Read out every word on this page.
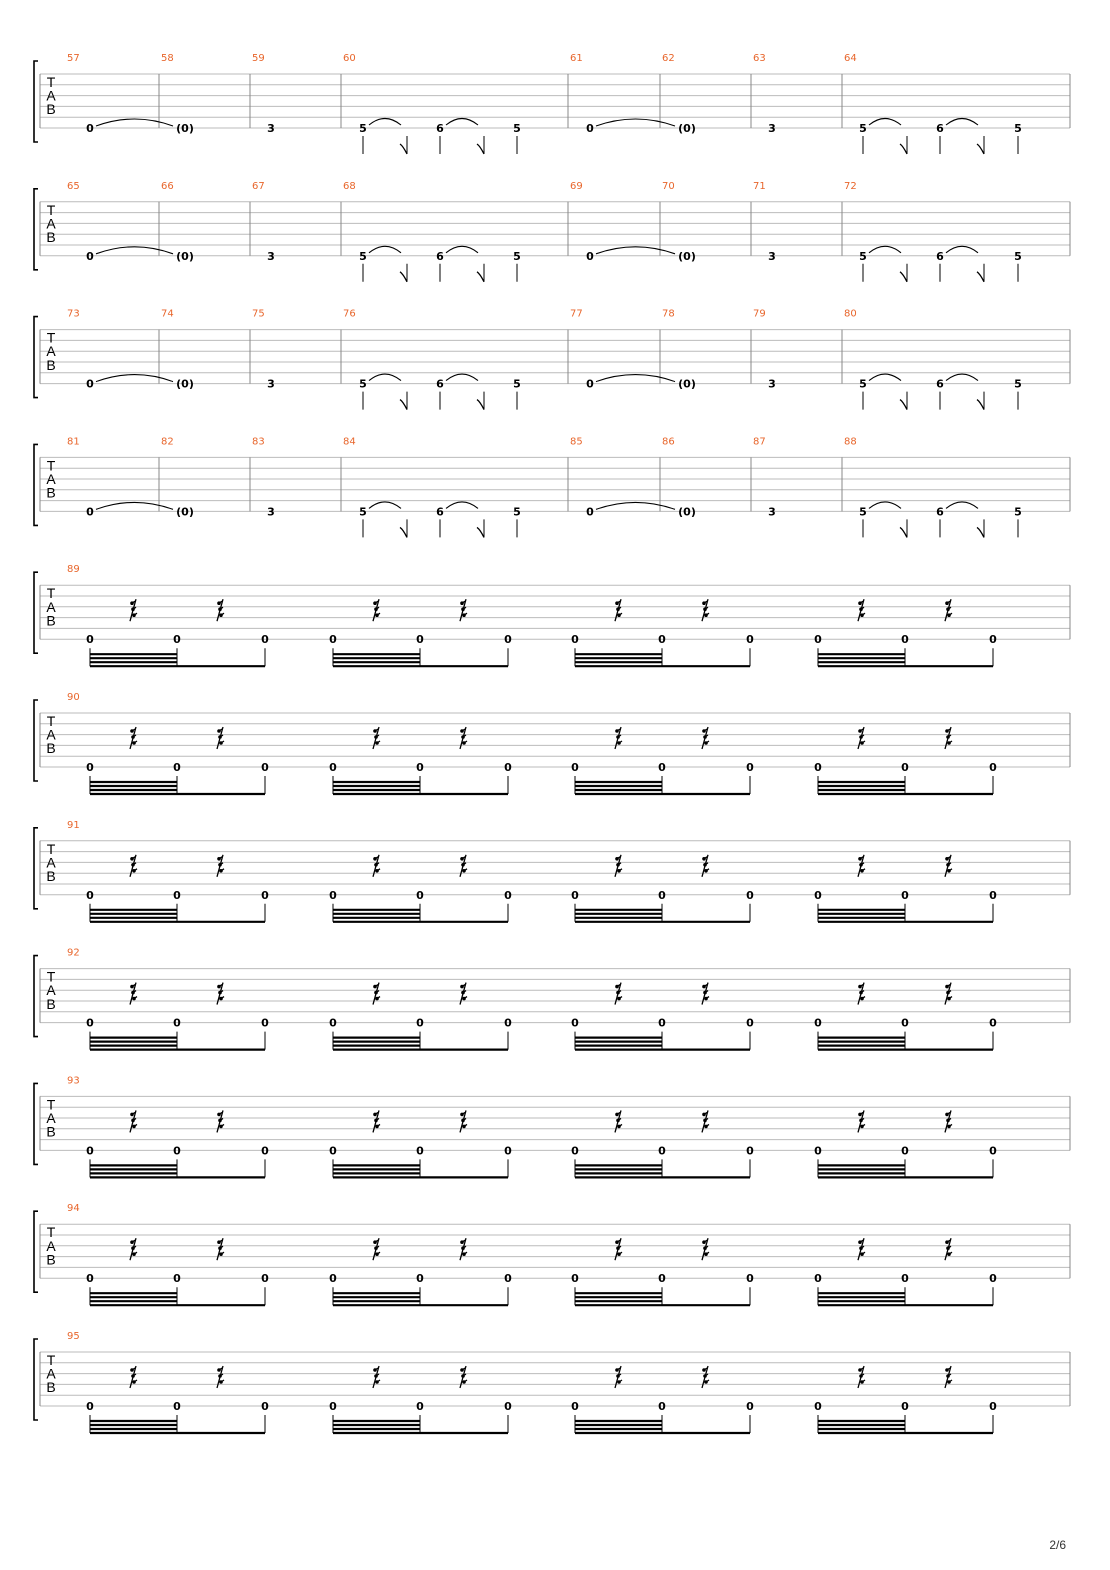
T
A
B
57	58	59	60	61	62	63	64
0	(0)	3	5	6	5	0	(0)	3	5	6	5
T
A
B
65	66	67	68	69	70	71	72
0	(0)	3	5	6	5	0	(0)	3	5	6	5
T
A
B
73	74	75	76	77	78	79	80
0	(0)	3	5	6	5	0	(0)	3	5	6	5
T
A
B
81	82	83	84	85	86	87	88
0	(0)	3	5	6	5	0	(0)	3	5	6	5
T
A
B
89
0	0	0	0	0	0	0	0	0	0	0	0
T
A
B
90
0	0	0	0	0	0	0	0	0	0	0	0
T
A
B
91
0	0	0	0	0	0	0	0	0	0	0	0
T
A
B
92
0	0	0	0	0	0	0	0	0	0	0	0
T
A
B
93
0	0	0	0	0	0	0	0	0	0	0	0
T
A
B
94
0	0	0	0	0	0	0	0	0	0	0	0
T
A
B
95
0	0	0	0	0	0	0	0	0	0	0	0
2/6
